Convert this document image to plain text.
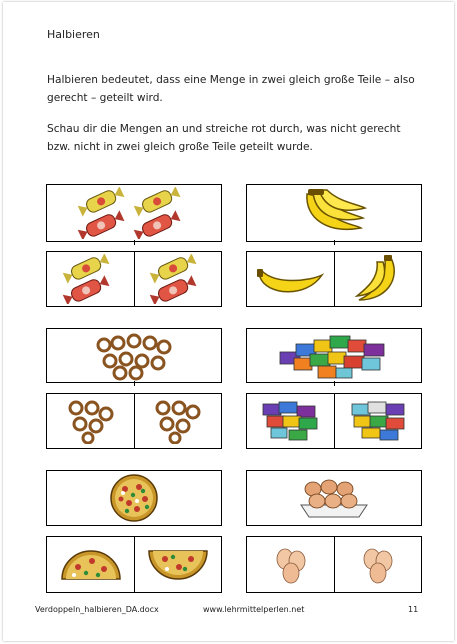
Halbieren
Halbieren bedeutet, dass eine Menge in zwei gleich große Teile – also gerecht – geteilt wird.
Schau dir die Mengen an und streiche rot durch, was nicht gerecht bzw. nicht in zwei gleich große Teile geteilt wurde.
Verdoppeln_halbieren_DA.docx	www.lehrmittelperlen.net	11
